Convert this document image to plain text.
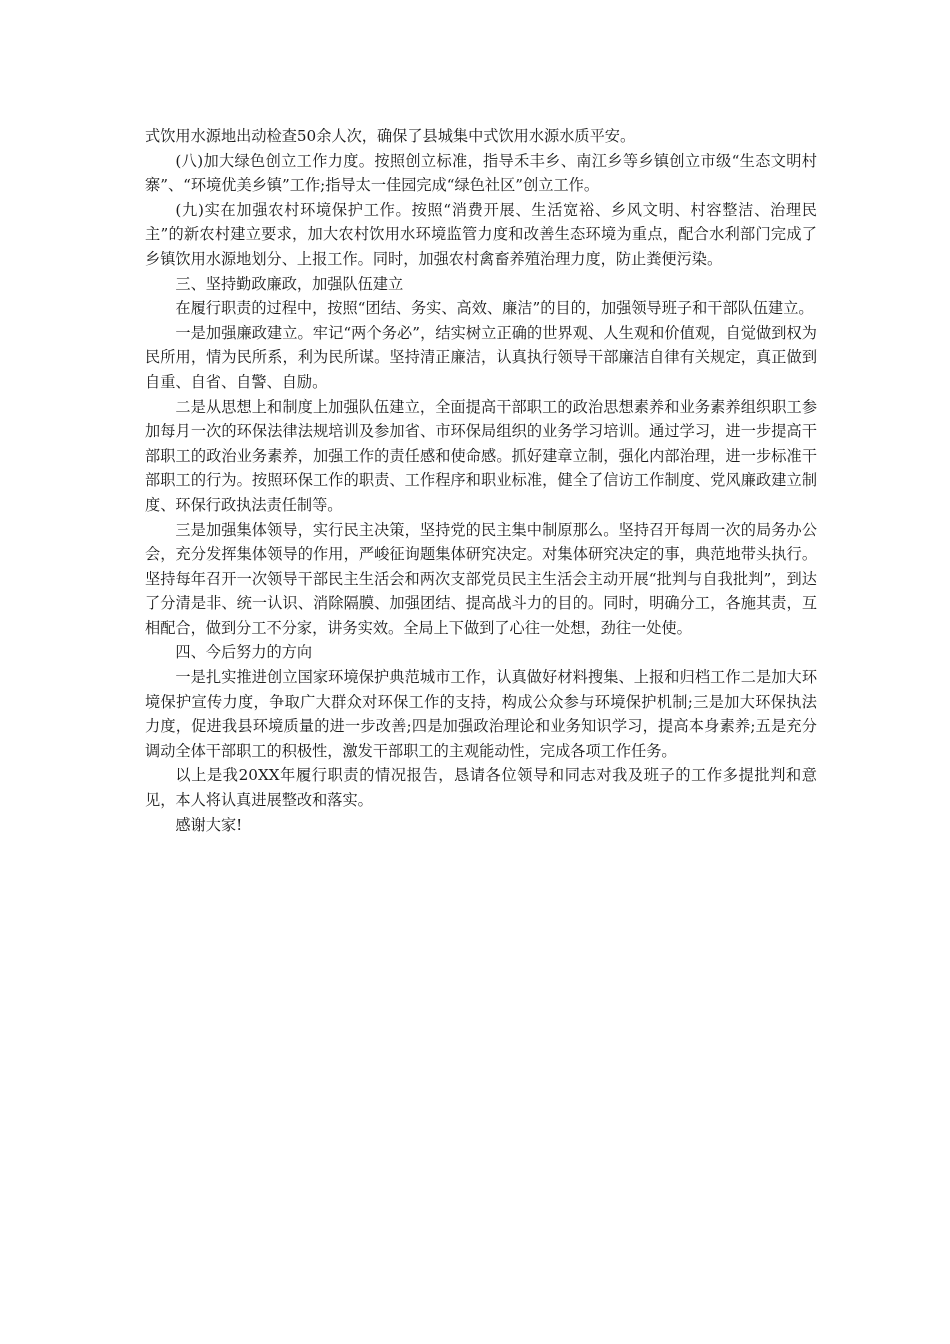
式饮用水源地出动检查50余人次，确保了县城集中式饮用水源水质平安。

(八)加大绿色创立工作力度。按照创立标准，指导禾丰乡、南江乡等乡镇创立市级“生态文明村寨”、“环境优美乡镇”工作;指导太一佳园完成“绿色社区”创立工作。

(九)实在加强农村环境保护工作。按照“消费开展、生活宽裕、乡风文明、村容整洁、治理民主”的新农村建立要求，加大农村饮用水环境监管力度和改善生态环境为重点，配合水利部门完成了乡镇饮用水源地划分、上报工作。同时，加强农村禽畜养殖治理力度，防止粪便污染。

三、坚持勤政廉政，加强队伍建立

在履行职责的过程中，按照“团结、务实、高效、廉洁”的目的，加强领导班子和干部队伍建立。

一是加强廉政建立。牢记“两个务必”，结实树立正确的世界观、人生观和价值观，自觉做到权为民所用，情为民所系，利为民所谋。坚持清正廉洁，认真执行领导干部廉洁自律有关规定，真正做到自重、自省、自警、自励。

二是从思想上和制度上加强队伍建立，全面提高干部职工的政治思想素养和业务素养组织职工参加每月一次的环保法律法规培训及参加省、市环保局组织的业务学习培训。通过学习，进一步提高干部职工的政治业务素养，加强工作的责任感和使命感。抓好建章立制，强化内部治理，进一步标准干部职工的行为。按照环保工作的职责、工作程序和职业标准，健全了信访工作制度、党风廉政建立制度、环保行政执法责任制等。

三是加强集体领导，实行民主决策，坚持党的民主集中制原那么。坚持召开每周一次的局务办公会，充分发挥集体领导的作用，严峻征询题集体研究决定。对集体研究决定的事，典范地带头执行。坚持每年召开一次领导干部民主生活会和两次支部党员民主生活会主动开展“批判与自我批判”，到达了分清是非、统一认识、消除隔膜、加强团结、提高战斗力的目的。同时，明确分工，各施其责，互相配合，做到分工不分家，讲务实效。全局上下做到了心往一处想，劲往一处使。

四、今后努力的方向

一是扎实推进创立国家环境保护典范城市工作，认真做好材料搜集、上报和归档工作二是加大环境保护宣传力度，争取广大群众对环保工作的支持，构成公众参与环境保护机制;三是加大环保执法力度，促进我县环境质量的进一步改善;四是加强政治理论和业务知识学习，提高本身素养;五是充分调动全体干部职工的积极性，激发干部职工的主观能动性，完成各项工作任务。

以上是我20XX年履行职责的情况报告，恳请各位领导和同志对我及班子的工作多提批判和意见，本人将认真进展整改和落实。

感谢大家!
